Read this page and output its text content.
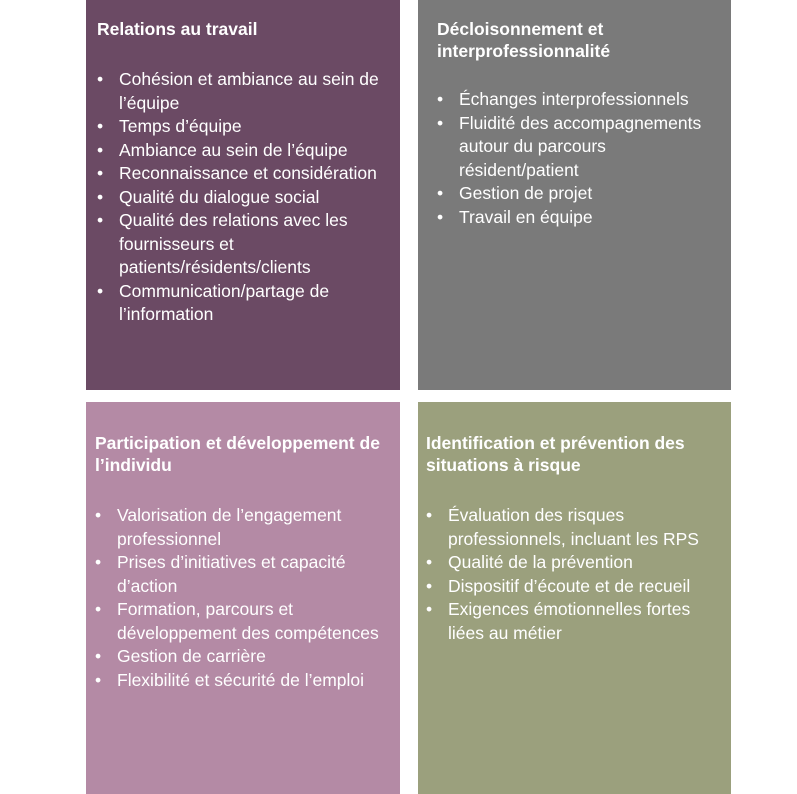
Relations au travail
• Cohésion et ambiance au sein de l’équipe
• Temps d’équipe
• Ambiance au sein de l’équipe
• Reconnaissance et considération
• Qualité du dialogue social
• Qualité des relations avec les fournisseurs et patients/résidents/clients
• Communication/partage de l’information
Décloisonnement et interprofessionnalité
• Échanges interprofessionnels
• Fluidité des accompagnements autour du parcours résident/patient
• Gestion de projet
• Travail en équipe
Participation et développement de l’individu
• Valorisation de l’engagement professionnel
• Prises d’initiatives et capacité d’action
• Formation, parcours et développement des compétences
• Gestion de carrière
• Flexibilité et sécurité de l’emploi
Identification et prévention des situations à risque
• Évaluation des risques professionnels, incluant les RPS
• Qualité de la prévention
• Dispositif d’écoute et de recueil
• Exigences émotionnelles fortes liées au métier
